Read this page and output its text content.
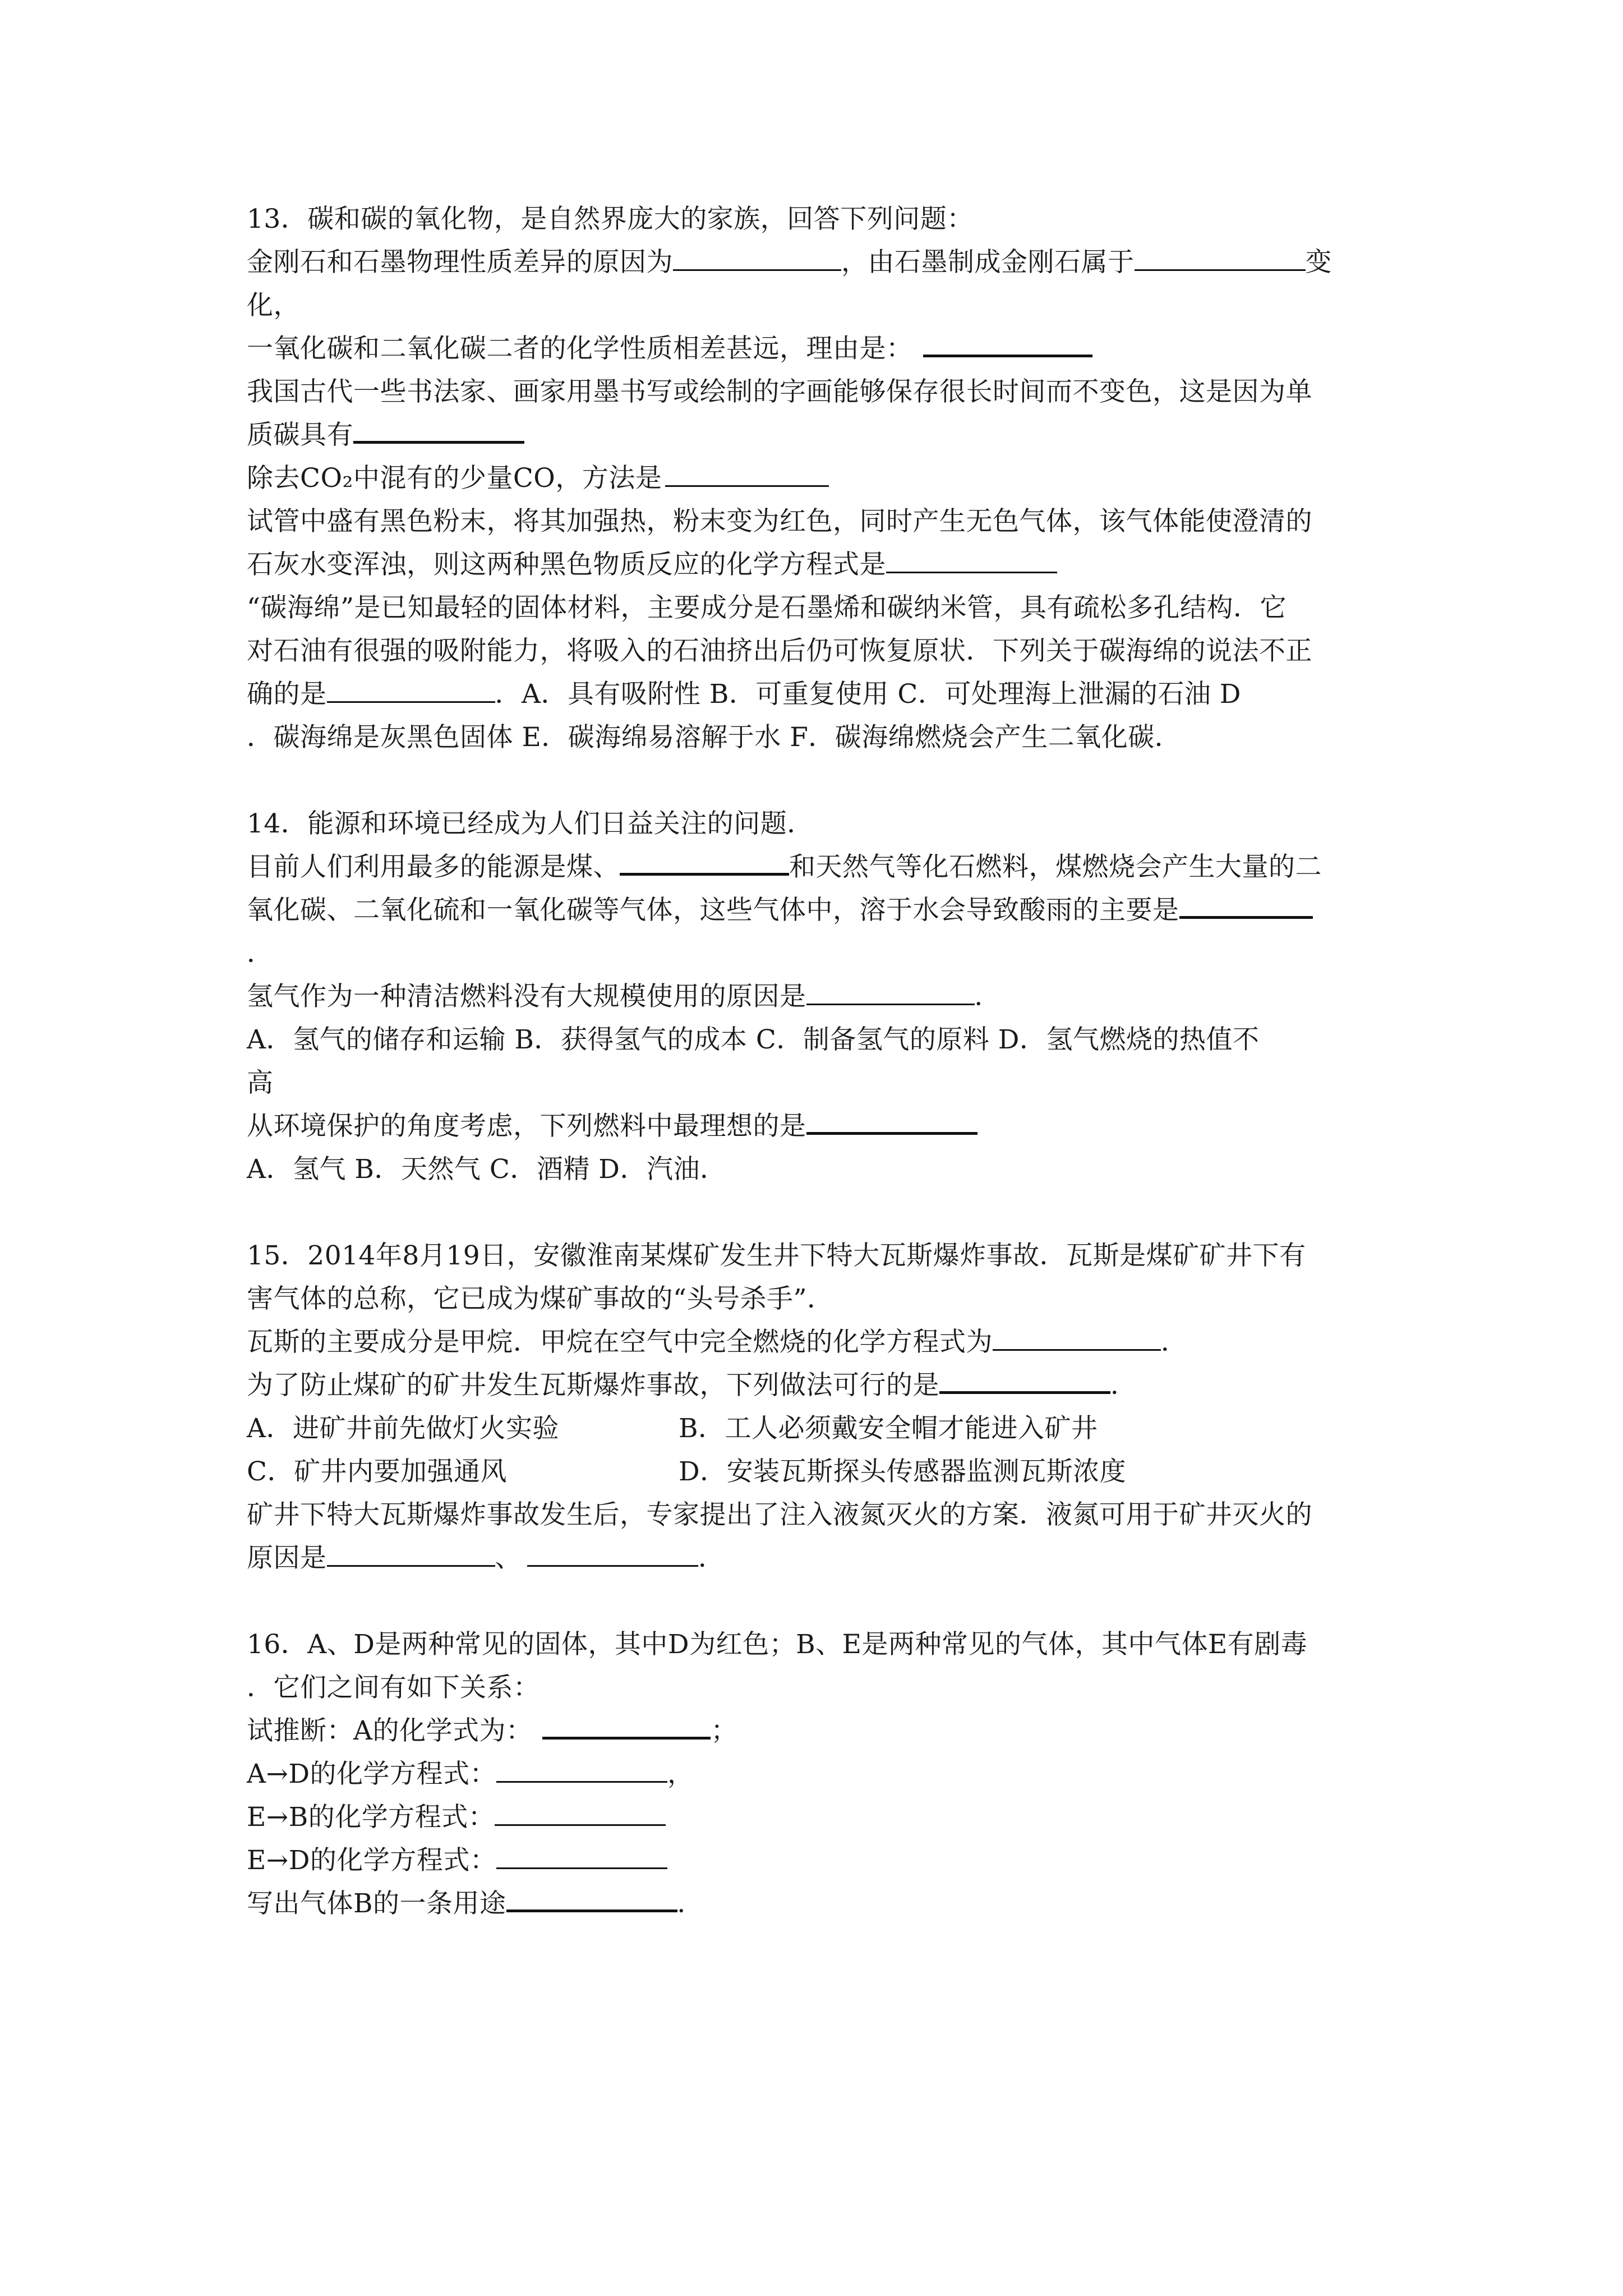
13．碳和碳的氧化物，是自然界庞大的家族，回答下列问题：
金刚石和石墨物理性质差异的原因为	，由石墨制成金刚石属于	变
化，
一氧化碳和二氧化碳二者的化学性质相差甚远，理由是：
我国古代一些书法家、画家用墨书写或绘制的字画能够保存很长时间而不变色，这是因为单
质碳具有
除去CO₂中混有的少量CO，方法是
试管中盛有黑色粉末，将其加强热，粉末变为红色，同时产生无色气体，该气体能使澄清的
石灰水变浑浊，则这两种黑色物质反应的化学方程式是
“碳海绵”是已知最轻的固体材料，主要成分是石墨烯和碳纳米管，具有疏松多孔结构．它
对石油有很强的吸附能力，将吸入的石油挤出后仍可恢复原状．下列关于碳海绵的说法不正
确的是	．A．具有吸附性 B．可重复使用 C．可处理海上泄漏的石油 D
．碳海绵是灰黑色固体 E．碳海绵易溶解于水 F．碳海绵燃烧会产生二氧化碳．
14．能源和环境已经成为人们日益关注的问题．
目前人们利用最多的能源是煤、	和天然气等化石燃料，煤燃烧会产生大量的二
氧化碳、二氧化硫和一氧化碳等气体，这些气体中，溶于水会导致酸雨的主要是
．
氢气作为一种清洁燃料没有大规模使用的原因是	．
A．氢气的储存和运输 B．获得氢气的成本 C．制备氢气的原料 D．氢气燃烧的热值不
高
从环境保护的角度考虑，下列燃料中最理想的是
A．氢气 B．天然气 C．酒精 D．汽油．
15．2014年8月19日，安徽淮南某煤矿发生井下特大瓦斯爆炸事故．瓦斯是煤矿矿井下有
害气体的总称，它已成为煤矿事故的“头号杀手”．
瓦斯的主要成分是甲烷．甲烷在空气中完全燃烧的化学方程式为	．
为了防止煤矿的矿井发生瓦斯爆炸事故，下列做法可行的是	．
A．进矿井前先做灯火实验	B．工人必须戴安全帽才能进入矿井
C．矿井内要加强通风	D．安装瓦斯探头传感器监测瓦斯浓度
矿井下特大瓦斯爆炸事故发生后，专家提出了注入液氮灭火的方案．液氮可用于矿井灭火的
原因是	、	．
16．A、D是两种常见的固体，其中D为红色；B、E是两种常见的气体，其中气体E有剧毒
．它们之间有如下关系：
试推断：A的化学式为：	；
A→D的化学方程式：	，
E→B的化学方程式：
E→D的化学方程式：
写出气体B的一条用途	．
